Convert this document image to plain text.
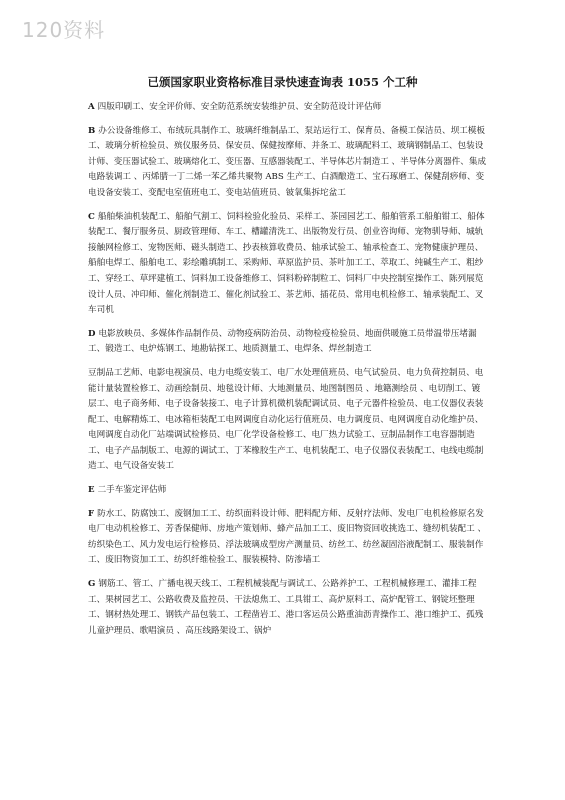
120资料
已颁国家职业资格标准目录快速查询表 1055 个工种

A 四版印刷工、安全评价师、安全防范系统安装维护员、安全防范设计评估师

B 办公设备维修工、布绒玩具制作工、玻璃纤维制品工、泵站运行工、保育员、备模工保洁员、坝工模板工、玻璃分析检验员、殡仪服务员、保安员、保健按摩师、并条工、玻璃配料工、玻璃钢制品工、包装设计师、变压器试验工、玻璃熔化工、变压器、互感器装配工、半导体芯片制造工 、半导体分离器件、集成电路装调工 、丙烯腈一丁二烯一苯乙烯共聚物 ABS 生产工、白酒酿造工、宝石琢磨工、保健刮痧师、变电设备安装工、变配电室值班电工、变电站值班员、铍氧集拆坨盆工

C 船舶柴油机装配工、船舶气割工、饲料检验化验员、采样工、茶园园艺工、船舶管系工船舶钳工、船体装配工、餐厅服务员、厨政管理师、车工、槽罐清洗工、出版物发行员、创业咨询师、宠物驯导师、城轨接触网检修工、宠物医师、磁头制造工、抄表核算收费员、轴承试验工、轴承检查工、宠物健康护理员、船舶电焊工、船舶电工、彩绘雕填制工、采购师、草原监护员、茶叶加工工、萃取工、纯碱生产工、粗纱工、穿经工、草坪建植工、饲料加工设备维修工、饲料粉碎制粒工、饲料厂中央控制室操作工、陈列展览设计人员、冲印师、催化剂制造工、催化剂试验工、茶艺师、插花员、常用电机检修工、轴承装配工、叉车司机

D 电影放映员、多媒体作品制作员、动物疫病防治员、动物检疫检验员、地面供暖施工员带温带压堵漏工、锻造工、电炉炼钢工、地勘钻探工、地质测量工、电焊条、焊丝制造工

豆制品工艺师、电影电视演员、电力电缆安装工、电厂水处理值班员、电气试验员、电力负荷控制员、电能计量装置检修工、动画绘制员、地毯设计师、大地测量员、地图制图员 、地籍测绘员 、电切削工、镀层工、电子商务师、电子设备装接工、电子计算机微机装配调试员、电子元器件检验员、电工仪器仪表装配工、电解精炼工、电冰箱柜装配工电网调度自动化运行值班员、电力调度员、电网调度自动化维护员、电网调度自动化厂站端调试检修员、电厂化学设备检修工、电厂热力试验工、豆制品制作工电容器制造工、电子产品制版工、电源的调试工、丁苯橡胶生产工、电机装配工、电子仪器仪表装配工、电线电缆制造工、电气设备安装工

E 二手车鉴定评估师

F 防水工、防腐蚀工、废钢加工工、纺织面料设计师、肥料配方师、反射疗法师、发电厂电机检修原名发电厂电动机检修工、芳香保健师、房地产策划师、蜂产品加工工、废旧物资回收挑选工、缝纫机装配工 、纺织染色工、风力发电运行检修员、浮法玻璃成型房产测量员、纺丝工、纺丝凝固浴液配制工、服装制作工、废旧物资加工工、纺织纤维检验工、服装模特、防渗墙工

G 钢筋工、管工、广播电视天线工、工程机械装配与调试工、公路养护工、工程机械修理工、灌排工程工、果树园艺工、公路收费及监控员、干法熄焦工、工具钳工、高炉原料工、高炉配管工、钢锭坯整理工、钢材热处理工、钢铁产品包装工、工程凿岩工、港口客运员公路重油沥青操作工、港口维护工、孤残儿童护理员、歌唱演员 、高压线路架设工、锅炉
